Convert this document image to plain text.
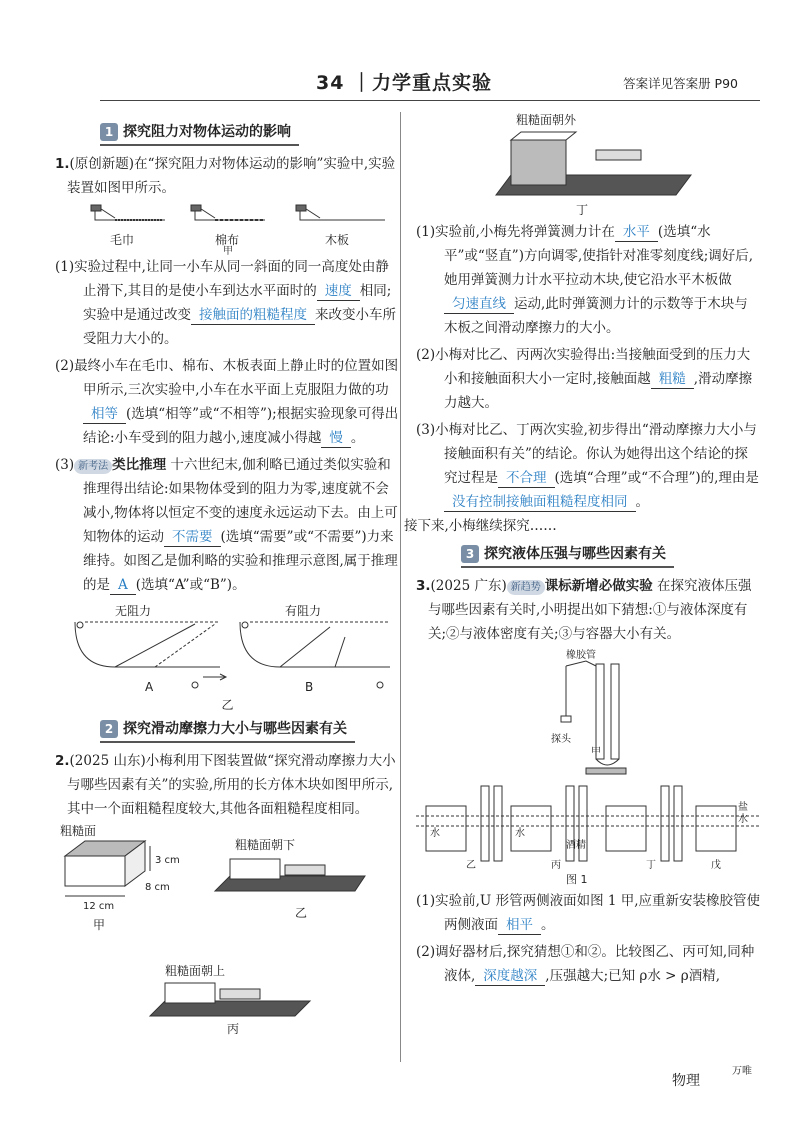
34 ｜力学重点实验	答案详见答案册 P90
1 探究阻力对物体运动的影响
1.(原创新题)在“探究阻力对物体运动的影响”实验中,实验装置如图甲所示。
毛巾	棉布	木板
甲
(1)实验过程中,让同一小车从同一斜面的同一高度处由静止滑下,其目的是使小车到达水平面时的 速度 相同;实验中是通过改变 接触面的粗糙程度 来改变小车所受阻力大小的。
(2)最终小车在毛巾、棉布、木板表面上静止时的位置如图甲所示,三次实验中,小车在水平面上克服阻力做的功相等 (选填“相等”或“不相等”);根据实验现象可得出结论:小车受到的阻力越小,速度减小得越 慢 。
(3) 新考法 类比推理 十六世纪末,伽利略已通过类似实验和推理得出结论:如果物体受到的阻力为零,速度就不会减小,物体将以恒定不变的速度永远运动下去。由上可知物体的运动 不需要 (选填“需要”或“不需要”)力来维持。如图乙是伽利略的实验和推理示意图,属于推理的是 A (选填“A”或“B”)。
无阻力	有阻力
A	B
乙
2 探究滑动摩擦力大小与哪些因素有关
2.(2025 山东)小梅利用下图装置做“探究滑动摩擦力大小与哪些因素有关”的实验,所用的长方体木块如图甲所示,其中一个面粗糙程度较大,其他各面粗糙程度相同。
粗糙面
3 cm
8 cm
12 cm
甲
粗糙面朝下
乙
粗糙面朝上
丙
粗糙面朝外
丁
(1)实验前,小梅先将弹簧测力计在 水平 (选填“水平”或“竖直”)方向调零,使指针对准零刻度线;调好后,她用弹簧测力计水平拉动木块,使它沿水平木板做匀速直线 运动,此时弹簧测力计的示数等于木块与木板之间滑动摩擦力的大小。
(2)小梅对比乙、丙两次实验得出:当接触面受到的压力大小和接触面积大小一定时,接触面越 粗糙 ,滑动摩擦力越大。
(3)小梅对比乙、丁两次实验,初步得出“滑动摩擦力大小与接触面积有关”的结论。你认为她得出这个结论的探究过程是 不合理 (选填“合理”或“不合理”)的,理由是没有控制接触面粗糙程度相同 。
接下来,小梅继续探究……
3 探究液体压强与哪些因素有关
3.(2025 广东) 新趋势 课标新增必做实验 在探究液体压强与哪些因素有关时,小明提出如下猜想:①与液体深度有关;②与液体密度有关;③与容器大小有关。
橡胶管
探头
甲
水
乙
水
丙
酒精
丁	戊
盐水
图 1
(1)实验前,U 形管两侧液面如图 1 甲,应重新安装橡胶管使两侧液面 相平 。
(2)调好器材后,探究猜想①和②。比较图乙、丙可知,同种液体, 深度越深 ,压强越大;已知 ρ水 > ρ酒精,
物理
万唯
